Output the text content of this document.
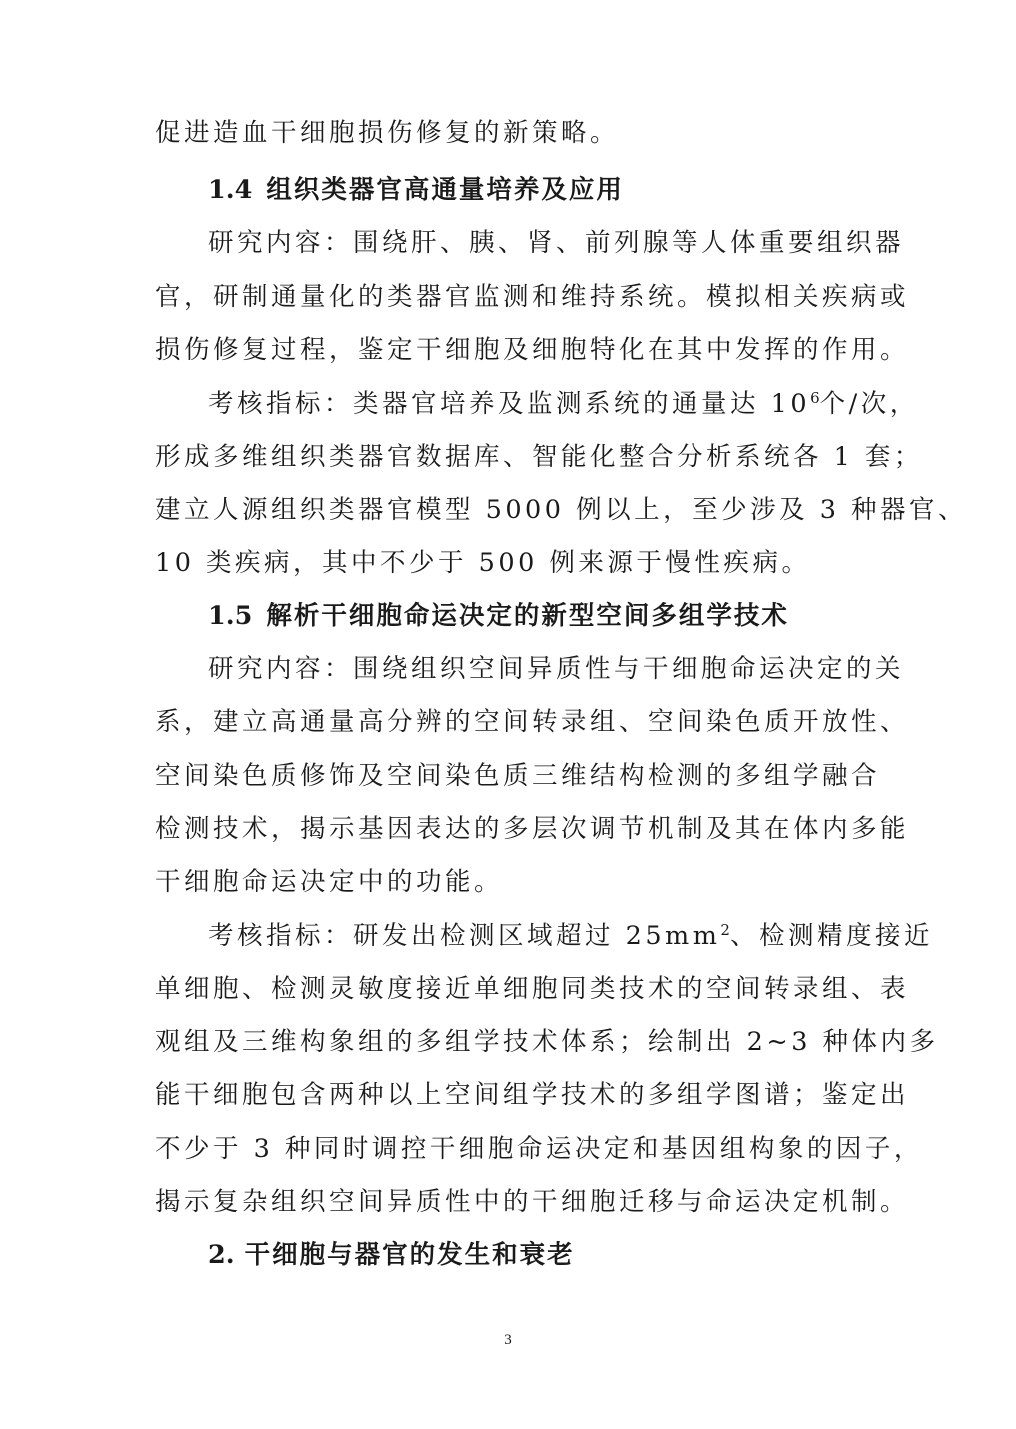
促进造血干细胞损伤修复的新策略。
1.4 组织类器官高通量培养及应用
研究内容：围绕肝、胰、肾、前列腺等人体重要组织器
官，研制通量化的类器官监测和维持系统。模拟相关疾病或
损伤修复过程，鉴定干细胞及细胞特化在其中发挥的作用。
考核指标：类器官培养及监测系统的通量达 $10^6$个/次，
形成多维组织类器官数据库、智能化整合分析系统各 1 套；
建立人源组织类器官模型 5000 例以上，至少涉及 3 种器官、
10 类疾病，其中不少于 500 例来源于慢性疾病。
1.5 解析干细胞命运决定的新型空间多组学技术
研究内容：围绕组织空间异质性与干细胞命运决定的关
系，建立高通量高分辨的空间转录组、空间染色质开放性、
空间染色质修饰及空间染色质三维结构检测的多组学融合
检测技术，揭示基因表达的多层次调节机制及其在体内多能
干细胞命运决定中的功能。
考核指标：研发出检测区域超过 $25mm^2$、检测精度接近
单细胞、检测灵敏度接近单细胞同类技术的空间转录组、表
观组及三维构象组的多组学技术体系；绘制出 2~3 种体内多
能干细胞包含两种以上空间组学技术的多组学图谱；鉴定出
不少于 3 种同时调控干细胞命运决定和基因组构象的因子，
揭示复杂组织空间异质性中的干细胞迁移与命运决定机制。
2. 干细胞与器官的发生和衰老
3
